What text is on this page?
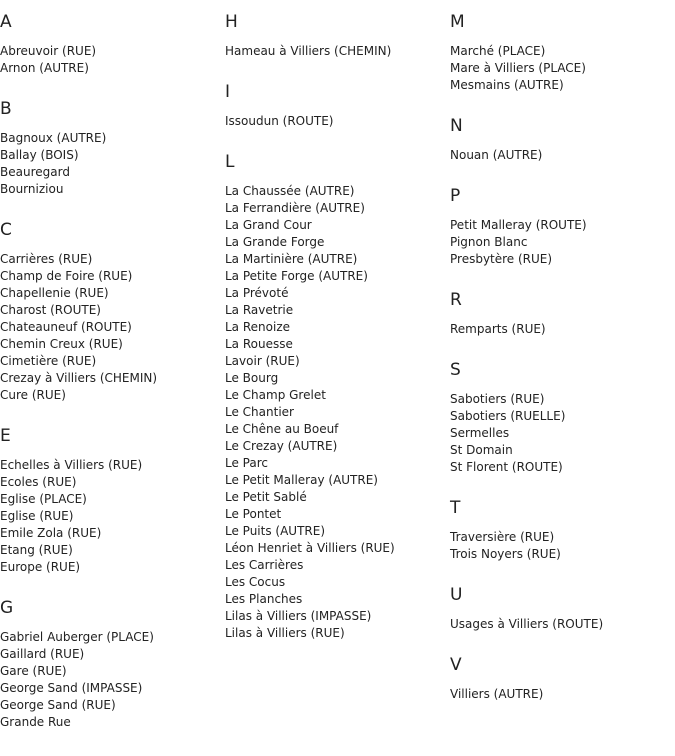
A
Abreuvoir (RUE)
Arnon (AUTRE)
B
Bagnoux (AUTRE)
Ballay (BOIS)
Beauregard
Bourniziou
C
Carrières (RUE)
Champ de Foire (RUE)
Chapellenie (RUE)
Charost (ROUTE)
Chateauneuf (ROUTE)
Chemin Creux (RUE)
Cimetière (RUE)
Crezay à Villiers (CHEMIN)
Cure (RUE)
E
Echelles à Villiers (RUE)
Ecoles (RUE)
Eglise (PLACE)
Eglise (RUE)
Emile Zola (RUE)
Etang (RUE)
Europe (RUE)
G
Gabriel Auberger (PLACE)
Gaillard (RUE)
Gare (RUE)
George Sand (IMPASSE)
George Sand (RUE)
Grande Rue
H
Hameau à Villiers (CHEMIN)
I
Issoudun (ROUTE)
L
La Chaussée (AUTRE)
La Ferrandière (AUTRE)
La Grand Cour
La Grande Forge
La Martinière (AUTRE)
La Petite Forge (AUTRE)
La Prévoté
La Ravetrie
La Renoize
La Rouesse
Lavoir (RUE)
Le Bourg
Le Champ Grelet
Le Chantier
Le Chêne au Boeuf
Le Crezay (AUTRE)
Le Parc
Le Petit Malleray (AUTRE)
Le Petit Sablé
Le Pontet
Le Puits (AUTRE)
Léon Henriet à Villiers (RUE)
Les Carrières
Les Cocus
Les Planches
Lilas à Villiers (IMPASSE)
Lilas à Villiers (RUE)
M
Marché (PLACE)
Mare à Villiers (PLACE)
Mesmains (AUTRE)
N
Nouan (AUTRE)
P
Petit Malleray (ROUTE)
Pignon Blanc
Presbytère (RUE)
R
Remparts (RUE)
S
Sabotiers (RUE)
Sabotiers (RUELLE)
Sermelles
St Domain
St Florent (ROUTE)
T
Traversière (RUE)
Trois Noyers (RUE)
U
Usages à Villiers (ROUTE)
V
Villiers (AUTRE)
